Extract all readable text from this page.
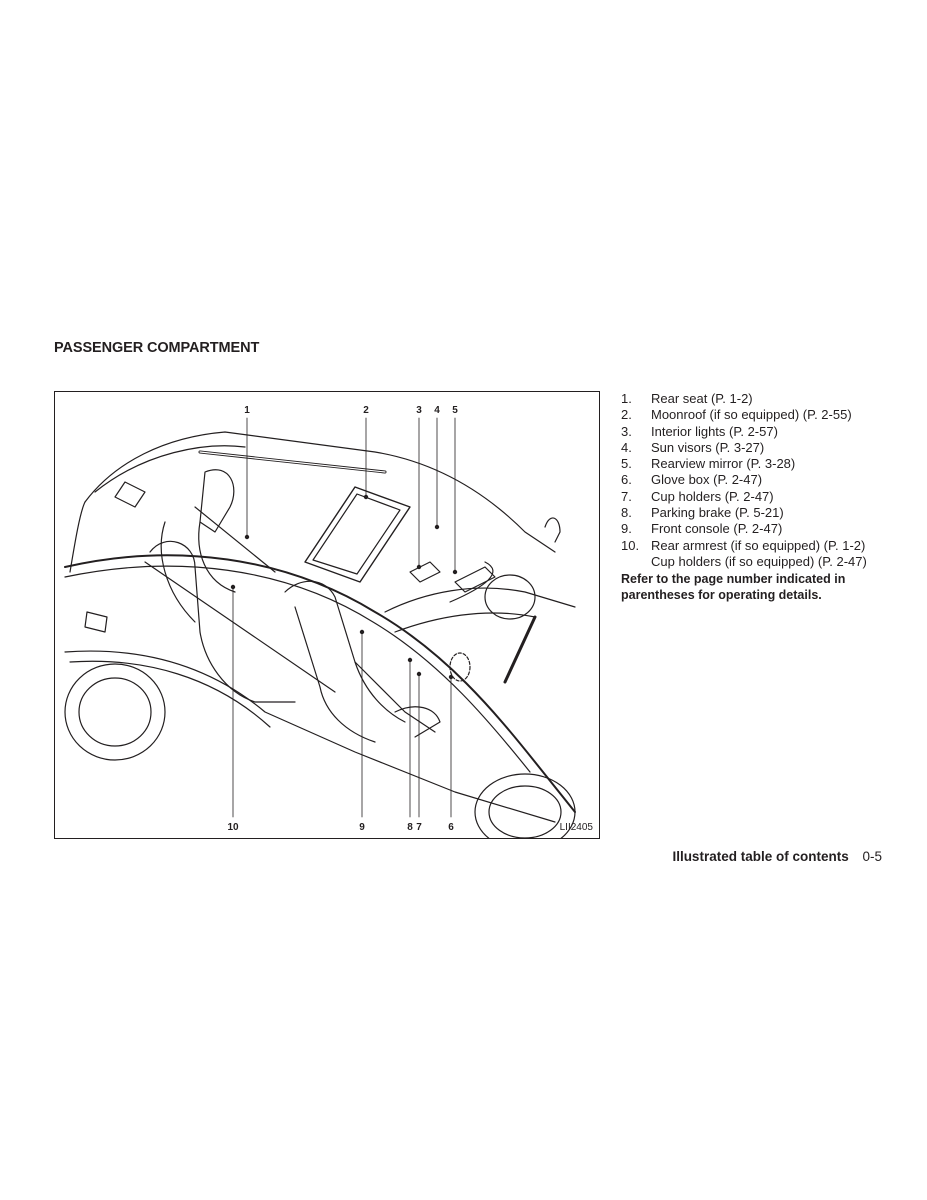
PASSENGER COMPARTMENT
1	2	3 4 5
10	9	8 7	6	LII2405
1.	Rear seat (P. 1-2)
2.	Moonroof (if so equipped) (P. 2-55)
3.	Interior lights (P. 2-57)
4.	Sun visors (P. 3-27)
5.	Rearview mirror (P. 3-28)
6.	Glove box (P. 2-47)
7.	Cup holders (P. 2-47)
8.	Parking brake (P. 5-21)
9.	Front console (P. 2-47)
10. Rear armrest (if so equipped) (P. 1-2)
Cup holders (if so equipped) (P. 2-47)
Refer to the page number indicated in parentheses for operating details.
Illustrated table of contents 0-5
